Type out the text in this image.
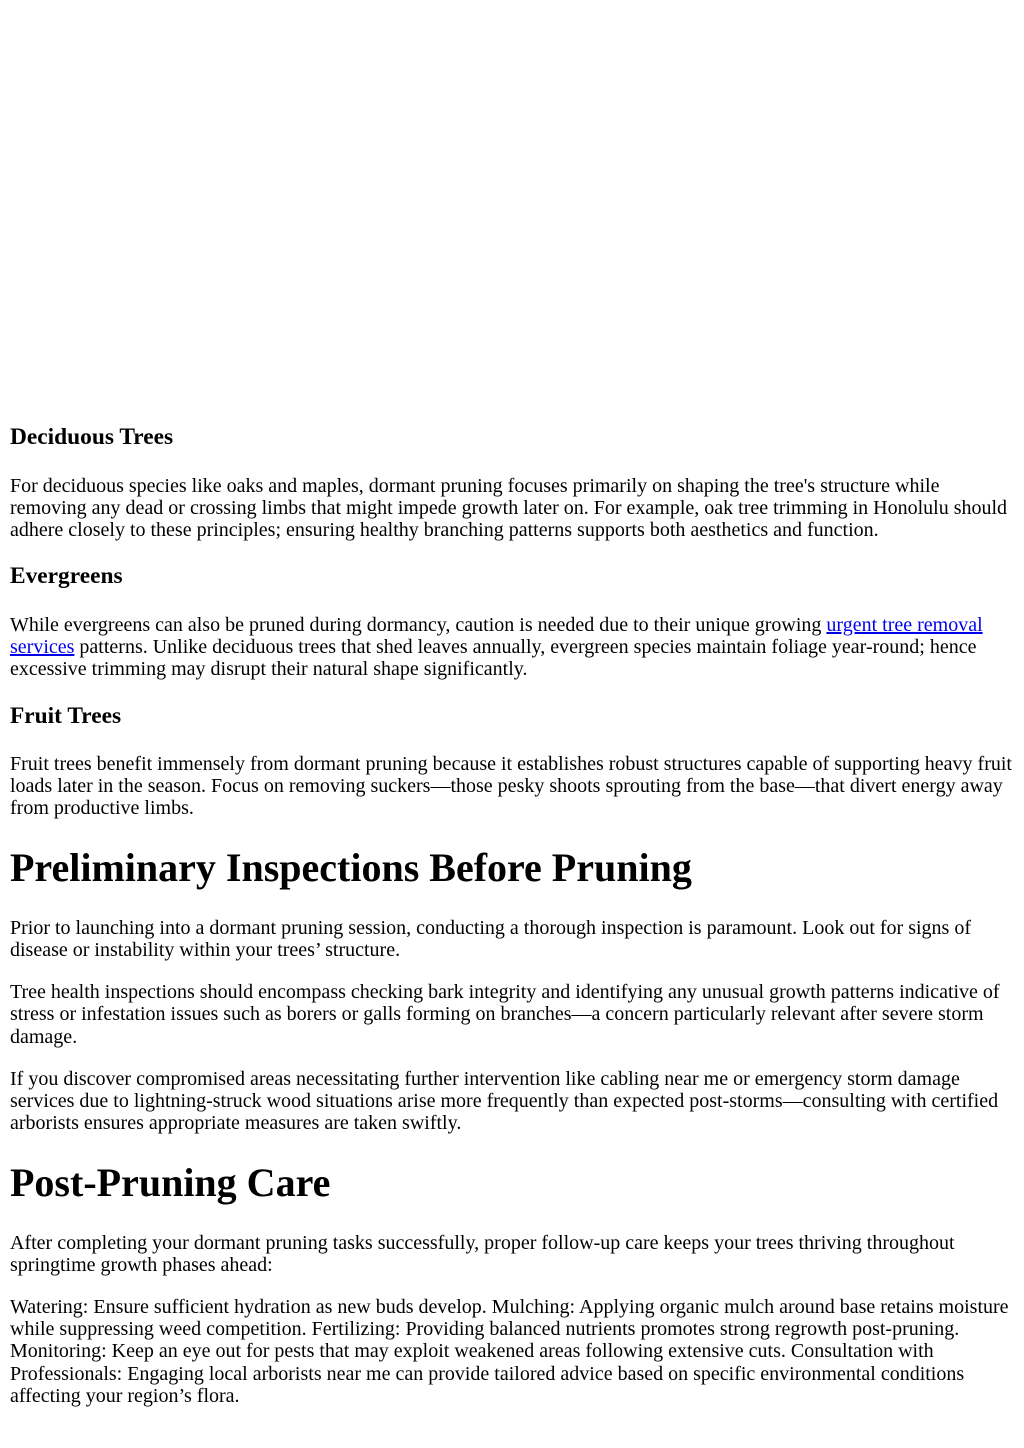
Deciduous Trees

For deciduous species like oaks and maples, dormant pruning focuses primarily on shaping the tree's structure while removing any dead or crossing limbs that might impede growth later on. For example, oak tree trimming in Honolulu should adhere closely to these principles; ensuring healthy branching patterns supports both aesthetics and function.

Evergreens

While evergreens can also be pruned during dormancy, caution is needed due to their unique growing urgent tree removal services patterns. Unlike deciduous trees that shed leaves annually, evergreen species maintain foliage year-round; hence excessive trimming may disrupt their natural shape significantly.

Fruit Trees

Fruit trees benefit immensely from dormant pruning because it establishes robust structures capable of supporting heavy fruit loads later in the season. Focus on removing suckers—those pesky shoots sprouting from the base—that divert energy away from productive limbs.

Preliminary Inspections Before Pruning

Prior to launching into a dormant pruning session, conducting a thorough inspection is paramount. Look out for signs of disease or instability within your trees’ structure.

Tree health inspections should encompass checking bark integrity and identifying any unusual growth patterns indicative of stress or infestation issues such as borers or galls forming on branches—a concern particularly relevant after severe storm damage.

If you discover compromised areas necessitating further intervention like cabling near me or emergency storm damage services due to lightning-struck wood situations arise more frequently than expected post-storms—consulting with certified arborists ensures appropriate measures are taken swiftly.

Post-Pruning Care

After completing your dormant pruning tasks successfully, proper follow-up care keeps your trees thriving throughout springtime growth phases ahead:

Watering: Ensure sufficient hydration as new buds develop. Mulching: Applying organic mulch around base retains moisture while suppressing weed competition. Fertilizing: Providing balanced nutrients promotes strong regrowth post-pruning. Monitoring: Keep an eye out for pests that may exploit weakened areas following extensive cuts. Consultation with Professionals: Engaging local arborists near me can provide tailored advice based on specific environmental conditions affecting your region’s flora.
